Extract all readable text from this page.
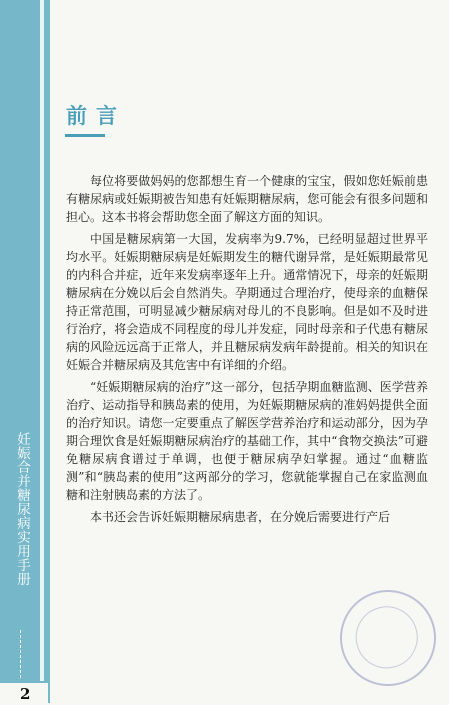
妊娠合并糖尿病实用手册
2
前言

每位将要做妈妈的您都想生育一个健康的宝宝，假如您妊娠前患有糖尿病或妊娠期被告知患有妊娠期糖尿病，您可能会有很多问题和担心。这本书将会帮助您全面了解这方面的知识。

中国是糖尿病第一大国，发病率为9.7%，已经明显超过世界平均水平。妊娠期糖尿病是妊娠期发生的糖代谢异常，是妊娠期最常见的内科合并症，近年来发病率逐年上升。通常情况下，母亲的妊娠期糖尿病在分娩以后会自然消失。孕期通过合理治疗，使母亲的血糖保持正常范围，可明显减少糖尿病对母儿的不良影响。但是如不及时进行治疗，将会造成不同程度的母儿并发症，同时母亲和子代患有糖尿病的风险远远高于正常人，并且糖尿病发病年龄提前。相关的知识在妊娠合并糖尿病及其危害中有详细的介绍。

“妊娠期糖尿病的治疗”这一部分，包括孕期血糖监测、医学营养治疗、运动指导和胰岛素的使用，为妊娠期糖尿病的准妈妈提供全面的治疗知识。请您一定要重点了解医学营养治疗和运动部分，因为孕期合理饮食是妊娠期糖尿病治疗的基础工作，其中“食物交换法”可避免糖尿病食谱过于单调，也便于糖尿病孕妇掌握。通过“血糖监测”和“胰岛素的使用”这两部分的学习，您就能掌握自己在家监测血糖和注射胰岛素的方法了。

本书还会告诉妊娠期糖尿病患者，在分娩后需要进行产后
